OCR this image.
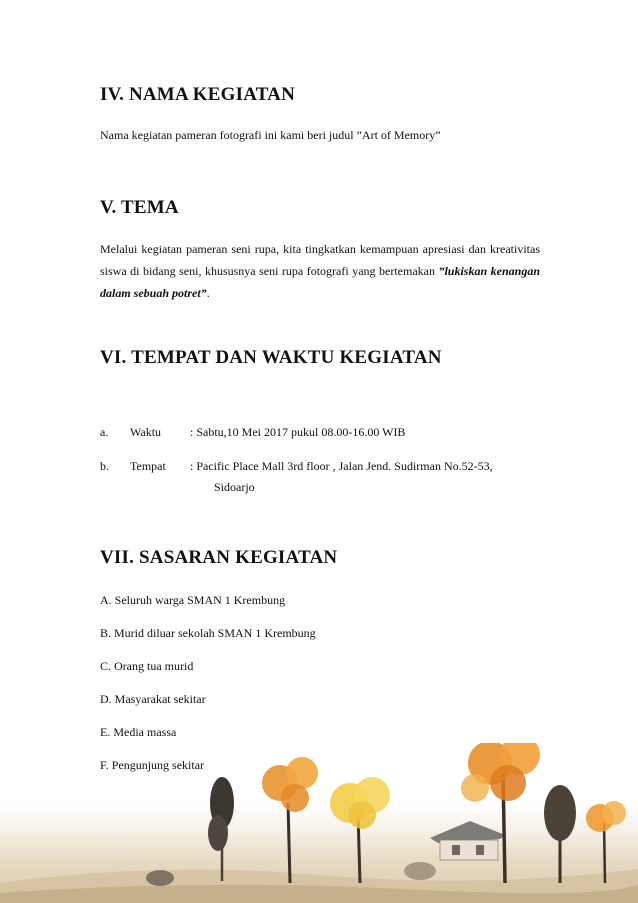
IV. NAMA KEGIATAN

Nama kegiatan pameran fotografi ini kami beri judul ”Art of Memory”

V. TEMA

Melalui kegiatan pameran seni rupa, kita tingkatkan kemampuan apresiasi dan kreativitas siswa di bidang seni, khususnya seni rupa fotografi yang bertemakan ”lukiskan kenangan dalam sebuah potret”.

VI. TEMPAT DAN WAKTU KEGIATAN
a.	Waktu	: Sabtu,10 Mei 2017 pukul 08.00-16.00 WIB
b.	Tempat	: Pacific Place Mall 3rd floor , Jalan Jend. Sudirman No.52-53,
Sidoarjo
VII. SASARAN KEGIATAN
A. Seluruh warga SMAN 1 Krembung
B. Murid diluar sekolah SMAN 1 Krembung
C. Orang tua murid
D. Masyarakat sekitar
E. Media massa
F. Pengunjung sekitar
